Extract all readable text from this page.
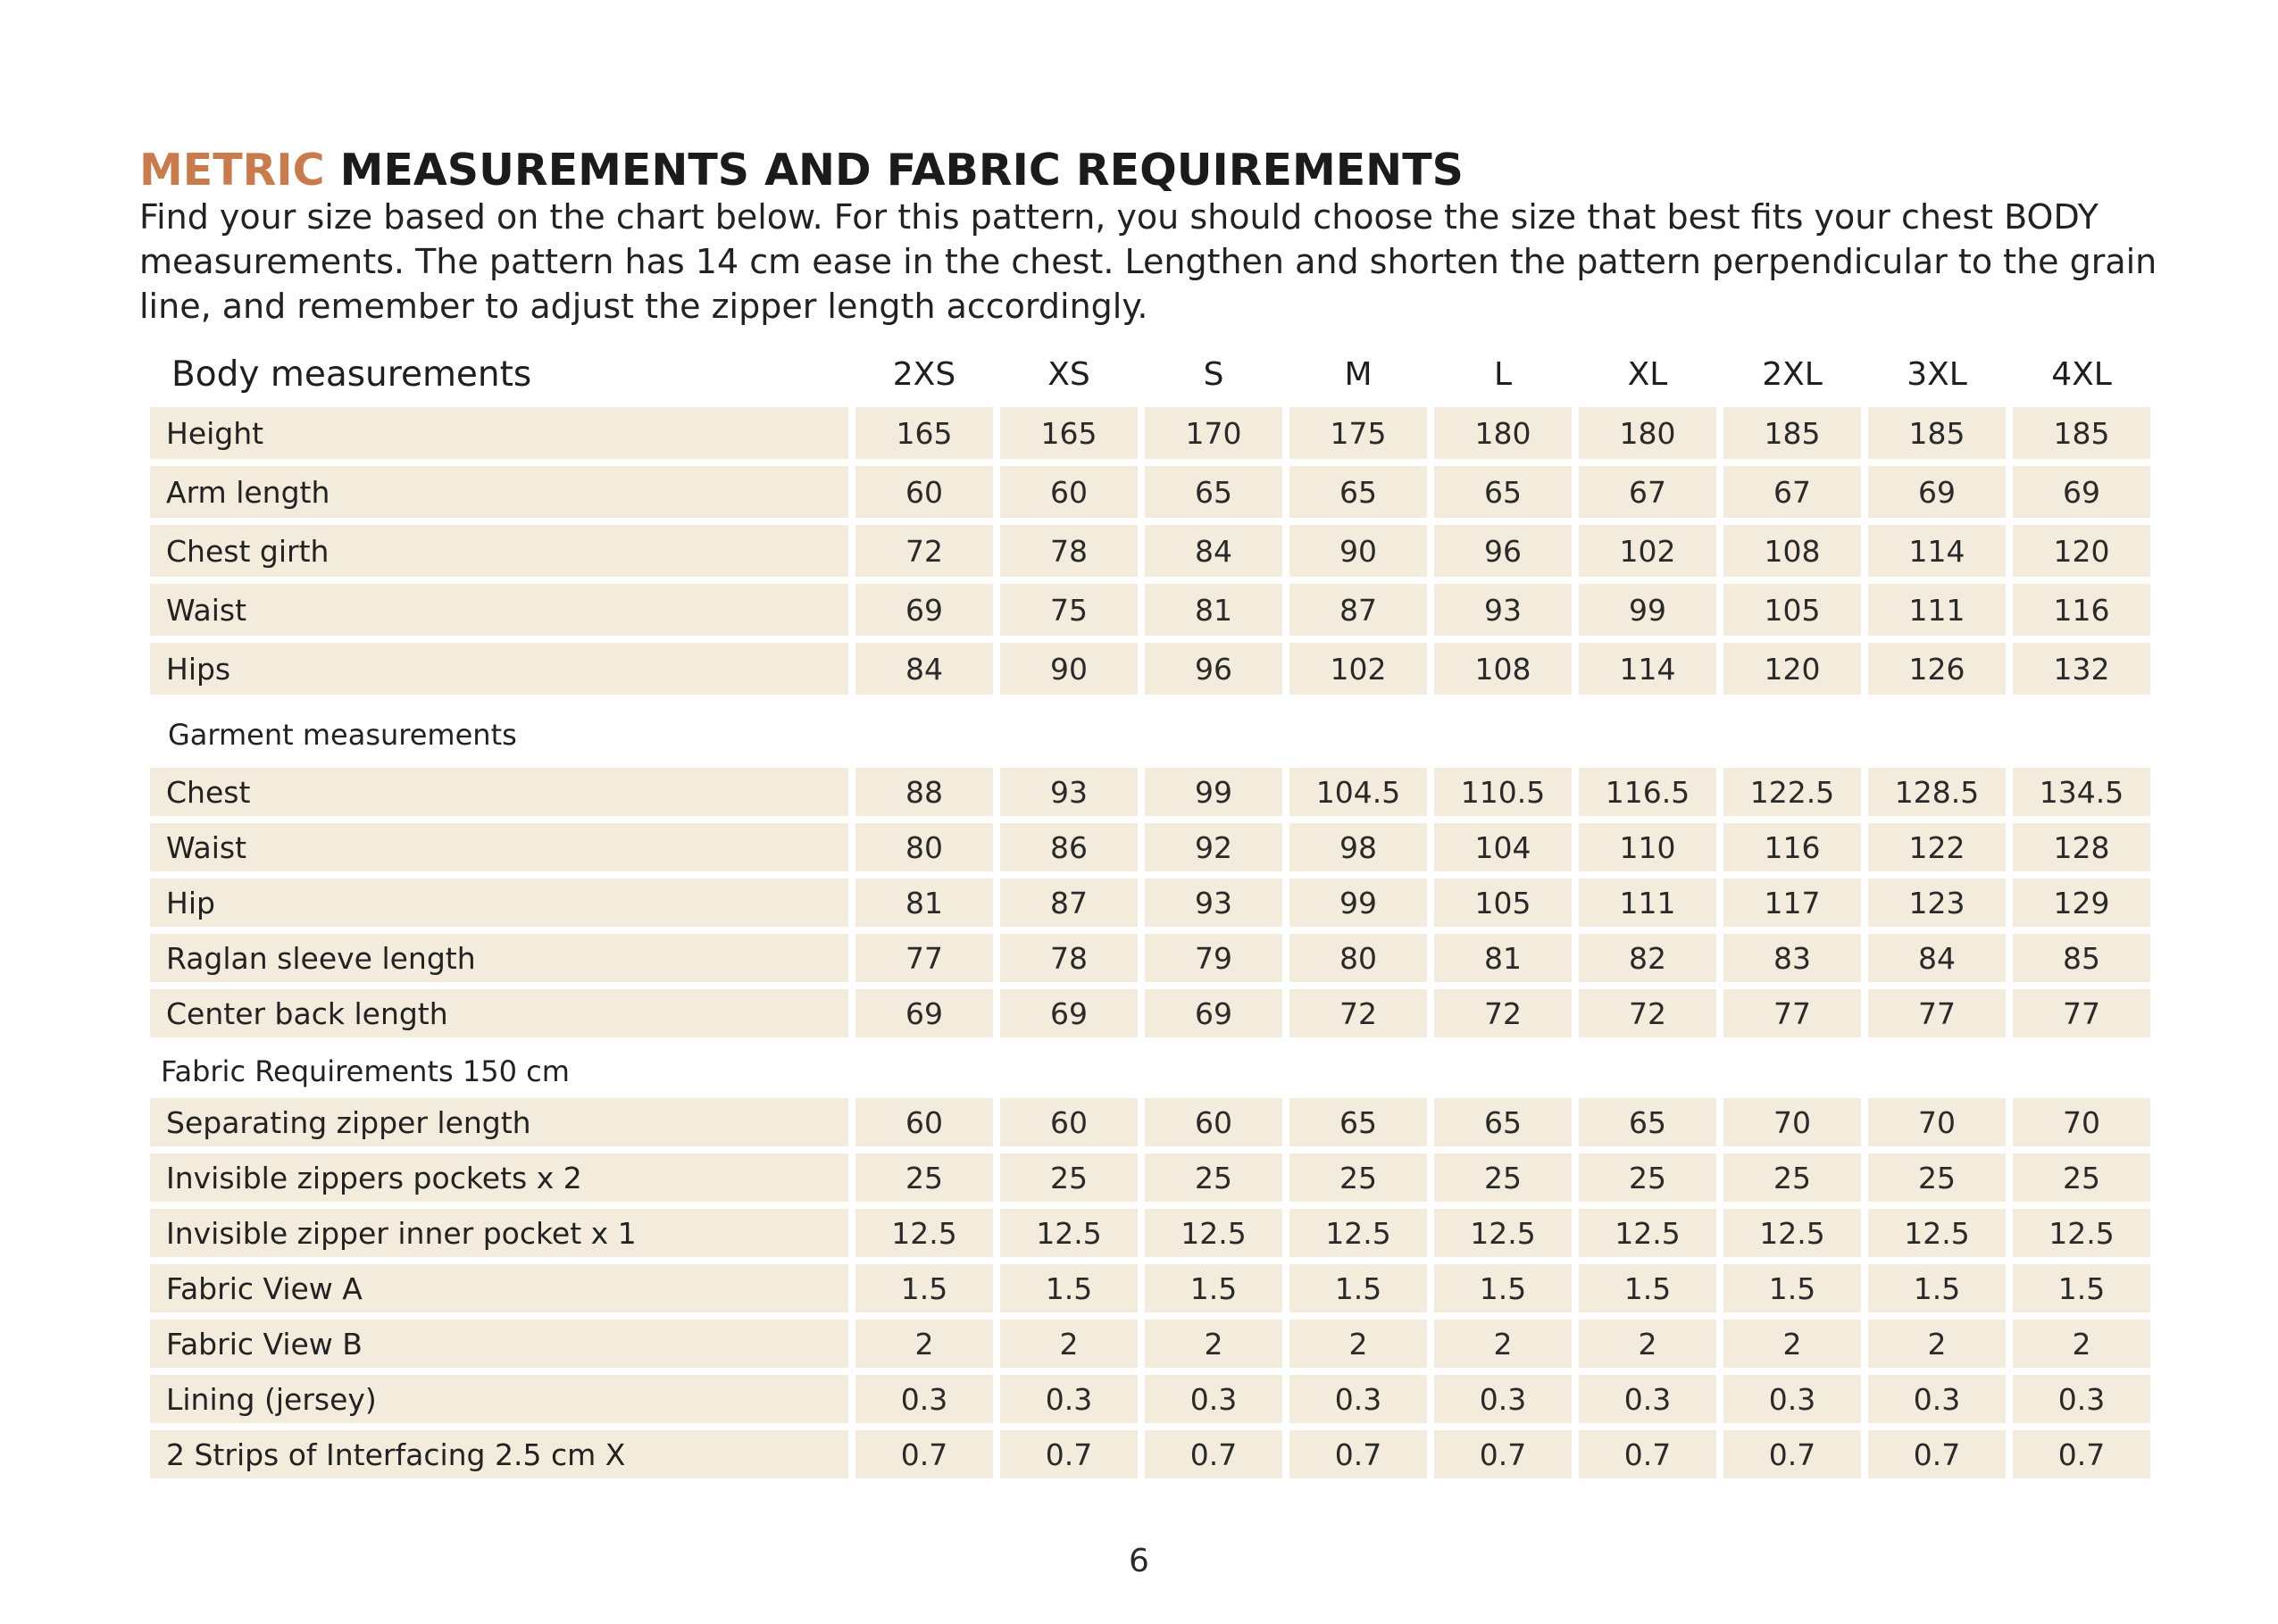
METRIC MEASUREMENTS AND FABRIC REQUIREMENTS

Find your size based on the chart below. For this pattern, you should choose the size that best fits your chest BODY measurements. The pattern has 14 cm ease in the chest. Lengthen and shorten the pattern perpendicular to the grain line, and remember to adjust the zipper length accordingly.

Body measurements	2XS	XS	S	M	L	XL	2XL	3XL	4XL
Height	165	165	170	175	180	180	185	185	185
Arm length	60	60	65	65	65	67	67	69	69
Chest girth	72	78	84	90	96	102	108	114	120
Waist	69	75	81	87	93	99	105	111	116
Hips	84	90	96	102	108	114	120	126	132
Garment measurements									
Chest	88	93	99	104.5	110.5	116.5	122.5	128.5	134.5
Waist	80	86	92	98	104	110	116	122	128
Hip	81	87	93	99	105	111	117	123	129
Raglan sleeve length	77	78	79	80	81	82	83	84	85
Center back length	69	69	69	72	72	72	77	77	77
Fabric Requirements 150 cm									
Separating zipper length	60	60	60	65	65	65	70	70	70
Invisible zippers pockets x 2	25	25	25	25	25	25	25	25	25
Invisible zipper inner pocket x 1	12.5	12.5	12.5	12.5	12.5	12.5	12.5	12.5	12.5
Fabric View A	1.5	1.5	1.5	1.5	1.5	1.5	1.5	1.5	1.5
Fabric View B	2	2	2	2	2	2	2	2	2
Lining (jersey)	0.3	0.3	0.3	0.3	0.3	0.3	0.3	0.3	0.3
2 Strips of Interfacing 2.5 cm X	0.7	0.7	0.7	0.7	0.7	0.7	0.7	0.7	0.7
6
